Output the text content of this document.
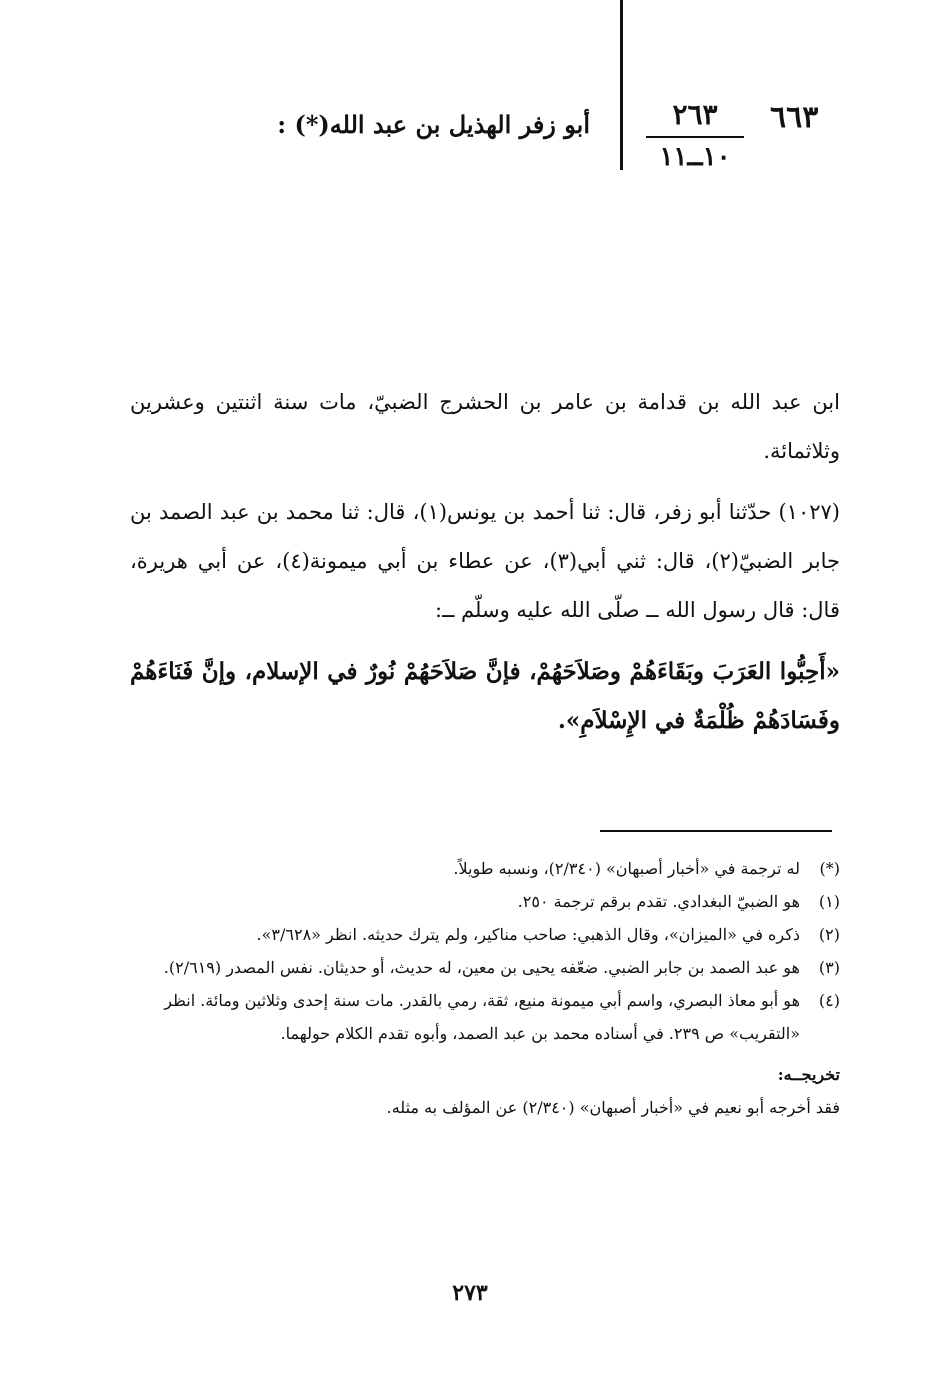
٦٦٣
٢٦٣
١٠ــ١١
أبو زفر الهذيل بن عبد الله(*) :

ابن عبد الله بن قدامة بن عامر بن الحشرج الضبيّ، مات سنة اثنتين وعشرين وثلاثمائة.

(١٠٢٧) حدّثنا أبو زفر، قال: ثنا أحمد بن يونس(١)، قال: ثنا محمد بن عبد الصمد بن جابر الضبيّ(٢)، قال: ثني أبي(٣)، عن عطاء بن أبي ميمونة(٤)، عن أبي هريرة، قال: قال رسول الله ــ صلّى الله عليه وسلّم ــ:

«أَحِبُّوا العَرَبَ وبَقَاءَهُمْ وصَلاَحَهُمْ، فإنَّ صَلاَحَهُمْ نُورٌ في الإسلام، وإنَّ فَنَاءَهُمْ وفَسَادَهُمْ ظُلْمَةٌ في الإِسْلاَمِ».

(*)
له ترجمة في «أخبار أصبهان» (٢/٣٤٠)، ونسبه طويلاً.
(١)
هو الضبيّ البغدادي. تقدم برقم ترجمة ٢٥٠.
(٢)
ذكره في «الميزان»، وقال الذهبي: صاحب مناكير، ولم يترك حديثه. انظر «٣/٦٢٨».
(٣)
هو عبد الصمد بن جابر الضبي. ضعّفه يحيى بن معين، له حديث، أو حديثان. نفس المصدر (٢/٦١٩).
(٤)
هو أبو معاذ البصري، واسم أبي ميمونة منيع، ثقة، رمي بالقدر. مات سنة إحدى وثلاثين ومائة. انظر «التقريب» ص ٢٣٩. في أسناده محمد بن عبد الصمد، وأبوه تقدم الكلام حولهما.
تخريجــه:
فقد أخرجه أبو نعيم في «أخبار أصبهان» (٢/٣٤٠) عن المؤلف به مثله.
٢٧٣
